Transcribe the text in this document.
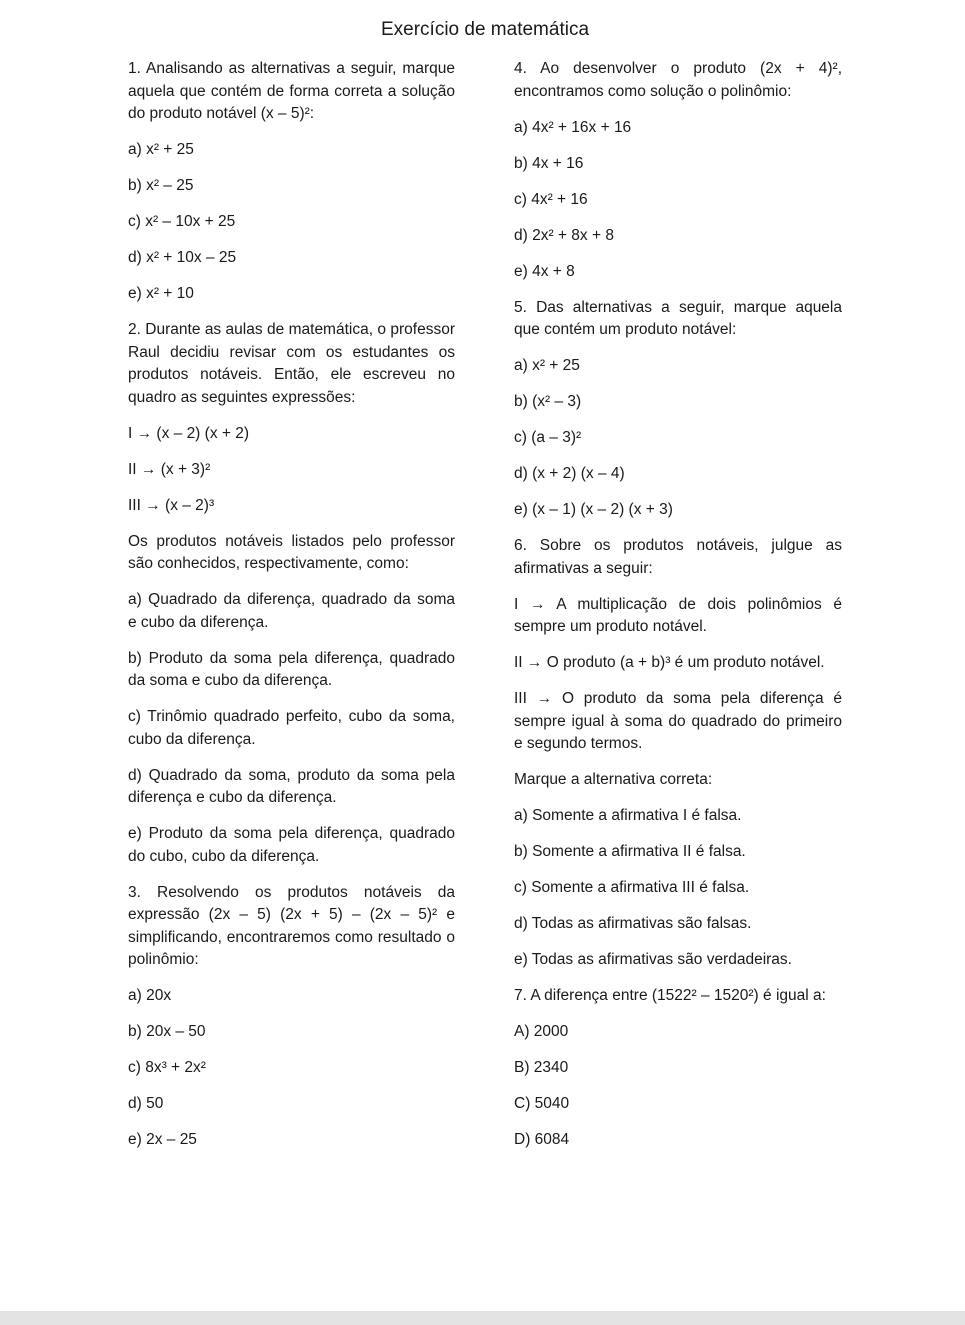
Exercício de matemática
1. Analisando as alternativas a seguir, marque aquela que contém de forma correta a solução do produto notável (x – 5)²:
a) x² + 25
b) x² – 25
c) x² – 10x + 25
d) x² + 10x – 25
e) x² + 10
2. Durante as aulas de matemática, o professor Raul decidiu revisar com os estudantes os produtos notáveis. Então, ele escreveu no quadro as seguintes expressões:
I → (x – 2) (x + 2)
II → (x + 3)²
III → (x – 2)³
Os produtos notáveis listados pelo professor são conhecidos, respectivamente, como:
a) Quadrado da diferença, quadrado da soma e cubo da diferença.
b) Produto da soma pela diferença, quadrado da soma e cubo da diferença.
c) Trinômio quadrado perfeito, cubo da soma, cubo da diferença.
d) Quadrado da soma, produto da soma pela diferença e cubo da diferença.
e) Produto da soma pela diferença, quadrado do cubo, cubo da diferença.
3. Resolvendo os produtos notáveis da expressão (2x – 5) (2x + 5) – (2x – 5)² e simplificando, encontraremos como resultado o polinômio:
a) 20x
b) 20x – 50
c) 8x³ + 2x²
d) 50
e) 2x – 25
4. Ao desenvolver o produto (2x + 4)², encontramos como solução o polinômio:
a) 4x² + 16x + 16
b) 4x + 16
c) 4x² + 16
d) 2x² + 8x + 8
e) 4x + 8
5. Das alternativas a seguir, marque aquela que contém um produto notável:
a) x² + 25
b) (x² – 3)
c) (a – 3)²
d) (x + 2) (x – 4)
e) (x – 1) (x – 2) (x + 3)
6. Sobre os produtos notáveis, julgue as afirmativas a seguir:
I → A multiplicação de dois polinômios é sempre um produto notável.
II → O produto (a + b)³ é um produto notável.
III → O produto da soma pela diferença é sempre igual à soma do quadrado do primeiro e segundo termos.
Marque a alternativa correta:
a) Somente a afirmativa I é falsa.
b) Somente a afirmativa II é falsa.
c) Somente a afirmativa III é falsa.
d) Todas as afirmativas são falsas.
e) Todas as afirmativas são verdadeiras.
7. A diferença entre (1522² – 1520²) é igual a:
A) 2000
B) 2340
C) 5040
D) 6084
